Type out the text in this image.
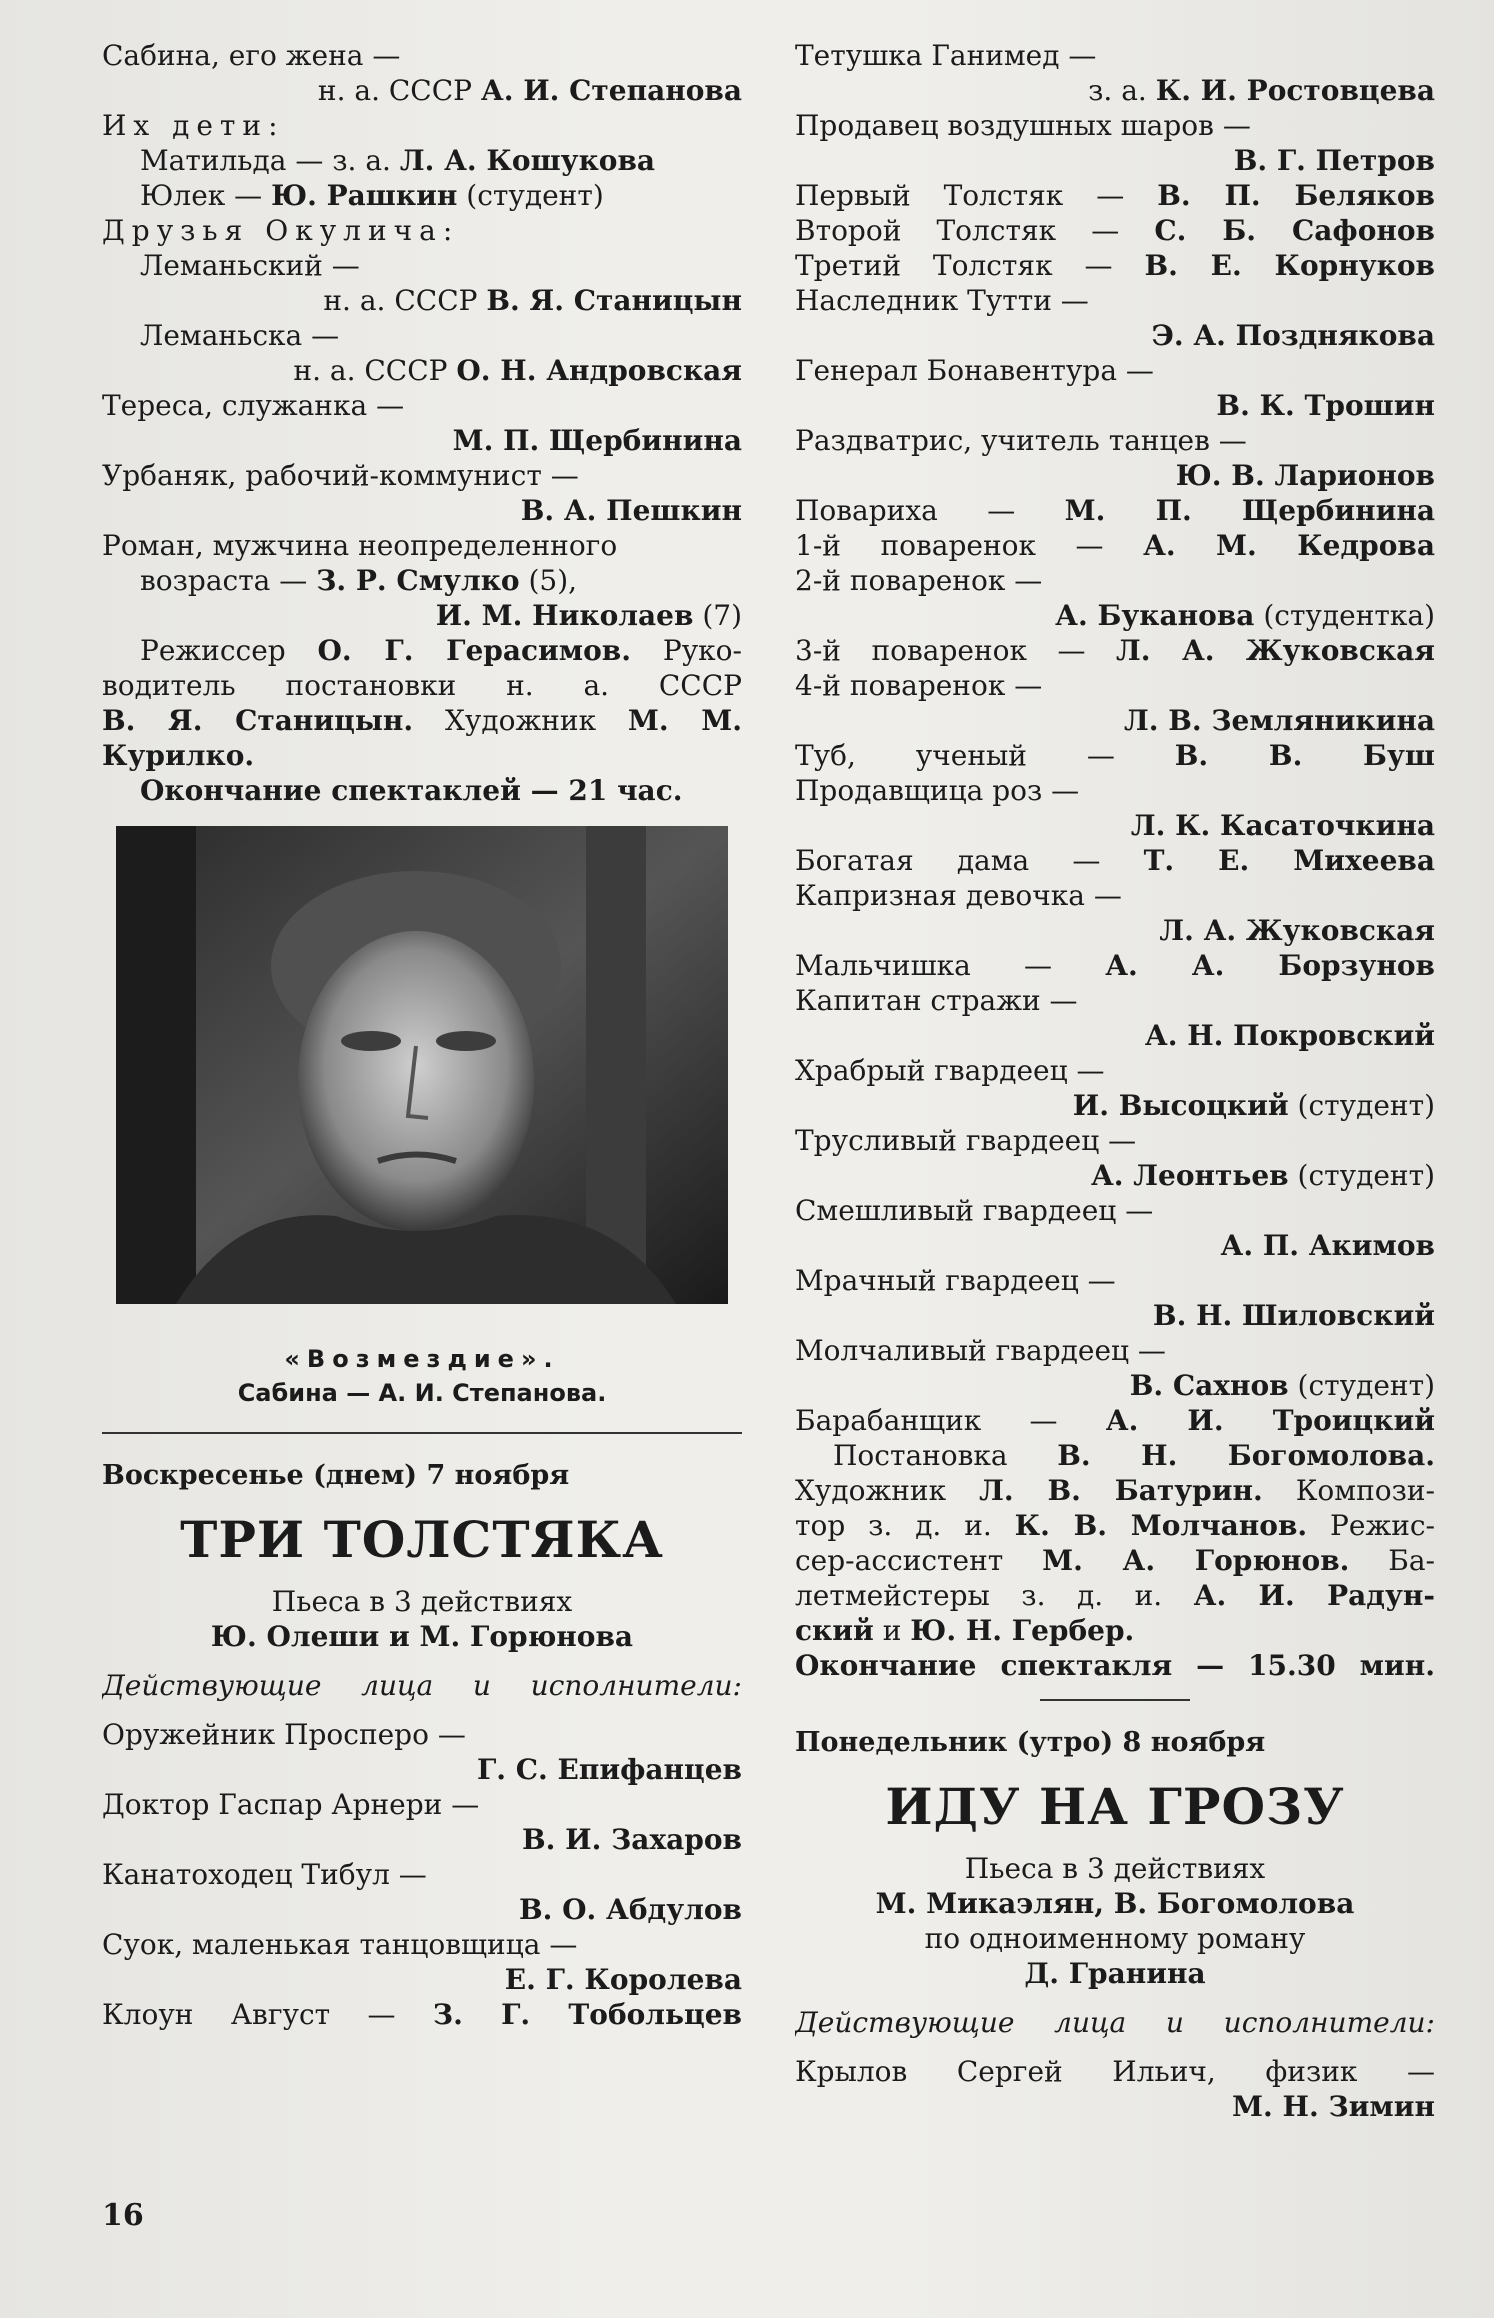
Сабина, его жена —
н. а. СССР А. И. Степанова
Их дети:
Матильда — з. а. Л. А. Кошукова
Юлек — Ю. Рашкин (студент)
Друзья Окулича:
Леманьский —
н. а. СССР В. Я. Станицын
Леманьска —
н. а. СССР О. Н. Андровская
Тереса, служанка —
М. П. Щербинина
Урбаняк, рабочий-коммунист —
В. А. Пешкин
Роман, мужчина неопределенного
возраста — З. Р. Смулко (5),
И. М. Николаев (7)
Режиссер О. Г. Герасимов. Руко-
водитель постановки н. а. СССР
В. Я. Станицын. Художник М. М.
Курилко.
Окончание спектаклей — 21 час.
«Возмездие».
Сабина — А. И. Степанова.
Воскресенье (днем) 7 ноября
ТРИ ТОЛСТЯКА
Пьеса в 3 действиях
Ю. Олеши и М. Горюнова
Действующие лица и исполнители:
Оружейник Просперо —
Г. С. Епифанцев
Доктор Гаспар Арнери —
В. И. Захаров
Канатоходец Тибул —
В. О. Абдулов
Суок, маленькая танцовщица —
Е. Г. Королева
Клоун Август — З. Г. Тобольцев
Тетушка Ганимед —
з. а. К. И. Ростовцева
Продавец воздушных шаров —
В. Г. Петров
Первый Толстяк — В. П. Беляков
Второй Толстяк — С. Б. Сафонов
Третий Толстяк — В. Е. Корнуков
Наследник Тутти —
Э. А. Позднякова
Генерал Бонавентура —
В. К. Трошин
Раздватрис, учитель танцев —
Ю. В. Ларионов
Повариха — М. П. Щербинина
1-й поваренок — А. М. Кедрова
2-й поваренок —
А. Буканова (студентка)
3-й поваренок — Л. А. Жуковская
4-й поваренок —
Л. В. Земляникина
Туб, ученый — В. В. Буш
Продавщица роз —
Л. К. Касаточкина
Богатая дама — Т. Е. Михеева
Капризная девочка —
Л. А. Жуковская
Мальчишка — А. А. Борзунов
Капитан стражи —
А. Н. Покровский
Храбрый гвардеец —
И. Высоцкий (студент)
Трусливый гвардеец —
А. Леонтьев (студент)
Смешливый гвардеец —
А. П. Акимов
Мрачный гвардеец —
В. Н. Шиловский
Молчаливый гвардеец —
В. Сахнов (студент)
Барабанщик — А. И. Троицкий
Постановка В. Н. Богомолова.
Художник Л. В. Батурин. Компози-
тор з. д. и. К. В. Молчанов. Режис-
сер-ассистент М. А. Горюнов. Ба-
летмейстеры з. д. и. А. И. Радун-
ский и Ю. Н. Гербер.
Окончание спектакля — 15.30 мин.
Понедельник (утро) 8 ноября
ИДУ НА ГРОЗУ
Пьеса в 3 действиях
М. Микаэлян, В. Богомолова
по одноименному роману
Д. Гранина
Действующие лица и исполнители:
Крылов Сергей Ильич, физик —
М. Н. Зимин
16
